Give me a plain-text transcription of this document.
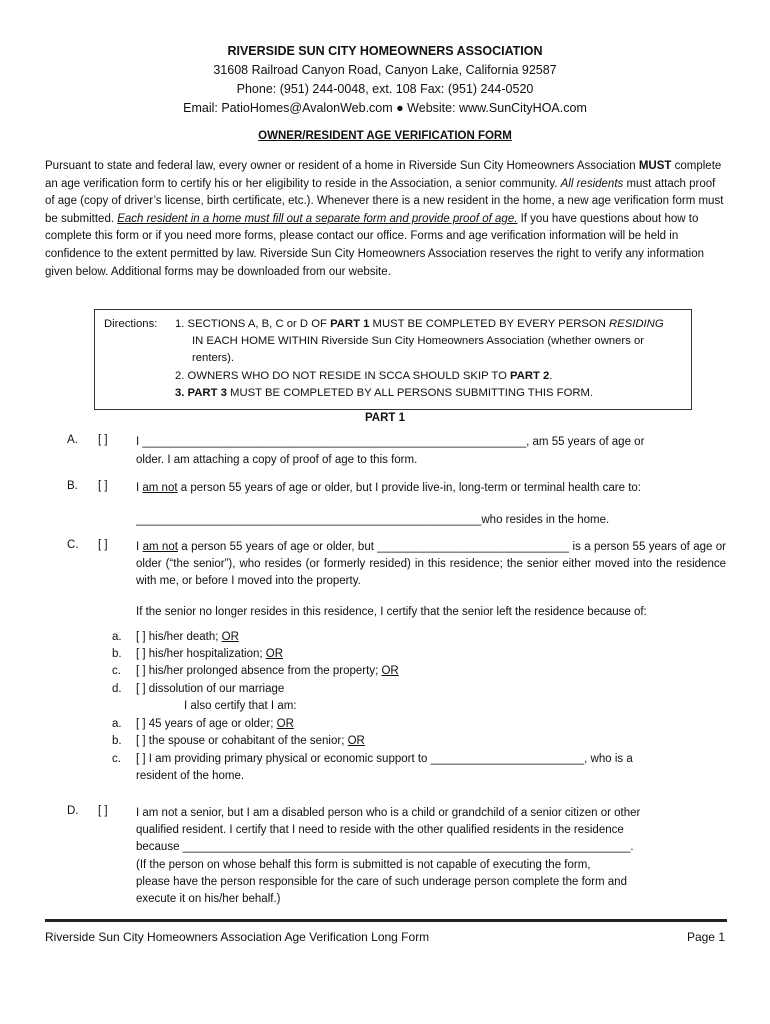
RIVERSIDE SUN CITY HOMEOWNERS ASSOCIATION
31608 Railroad Canyon Road, Canyon Lake, California 92587
Phone: (951) 244-0048, ext. 108 Fax: (951) 244-0520
Email: PatioHomes@AvalonWeb.com ● Website: www.SunCityHOA.com
OWNER/RESIDENT AGE VERIFICATION FORM
Pursuant to state and federal law, every owner or resident of a home in Riverside Sun City Homeowners Association MUST complete an age verification form to certify his or her eligibility to reside in the Association, a senior community. All residents must attach proof of age (copy of driver’s license, birth certificate, etc.). Whenever there is a new resident in the home, a new age verification form must be submitted. Each resident in a home must fill out a separate form and provide proof of age. If you have questions about how to complete this form or if you need more forms, please contact our office. Forms and age verification information will be held in confidence to the extent permitted by law. Riverside Sun City Homeowners Association reserves the right to verify any information given below. Additional forms may be downloaded from our website.
Directions: 1. SECTIONS A, B, C or D OF PART 1 MUST BE COMPLETED BY EVERY PERSON RESIDING
IN EACH HOME WITHIN Riverside Sun City Homeowners Association (whether owners or
renters).
2. OWNERS WHO DO NOT RESIDE IN SCCA SHOULD SKIP TO PART 2.
3. PART 3 MUST BE COMPLETED BY ALL PERSONS SUBMITTING THIS FORM.
PART 1
A. [ ] I ____________________________________________________________, am 55 years of age or
older. I am attaching a copy of proof of age to this form.
B. [ ] I am not a person 55 years of age or older, but I provide live-in, long-term or terminal health care to:
______________________________________________________who resides in the home.
C. [ ] I am not a person 55 years of age or older, but ______________________________ is a person 55 years of age or older (“the senior”), who resides (or formerly resided) in this residence; the senior either moved into the residence with me, or before I moved into the property.
If the senior no longer resides in this residence, I certify that the senior left the residence because of:
a. [ ] his/her death; OR
b. [ ] his/her hospitalization; OR
c. [ ] his/her prolonged absence from the property; OR
d. [ ] dissolution of our marriage
I also certify that I am:
a. [ ] 45 years of age or older; OR
b. [ ] the spouse or cohabitant of the senior; OR
c. [ ] I am providing primary physical or economic support to ________________________, who is a
resident of the home.
D. [ ] I am not a senior, but I am a disabled person who is a child or grandchild of a senior citizen or other
qualified resident. I certify that I need to reside with the other qualified residents in the residence
because ______________________________________________________________________.
(If the person on whose behalf this form is submitted is not capable of executing the form,
please have the person responsible for the care of such underage person complete the form and
execute it on his/her behalf.)
Riverside Sun City Homeowners Association Age Verification Long Form	Page 1
